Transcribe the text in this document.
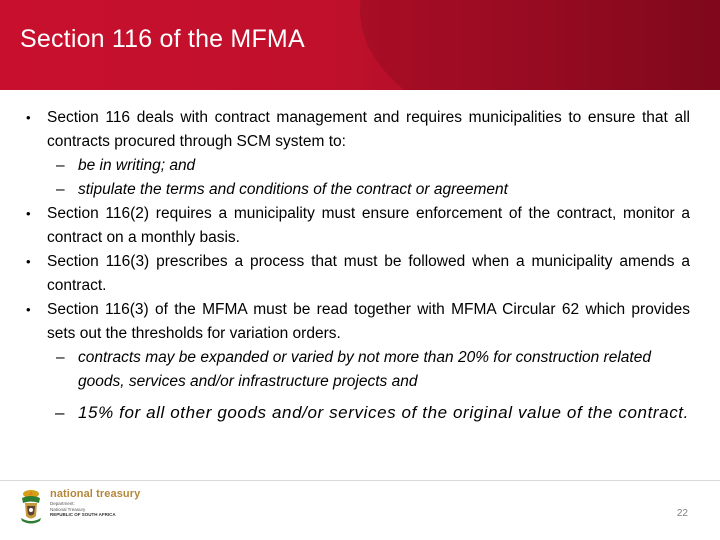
Section 116 of the MFMA
• Section 116 deals with contract management and requires municipalities to ensure that all contracts procured through SCM system to:
– be in writing; and
– stipulate the terms and conditions of the contract or agreement
• Section 116(2) requires a municipality must ensure enforcement of the contract, monitor a contract on a monthly basis.
• Section 116(3) prescribes a process that must be followed when a municipality amends a contract.
• Section 116(3) of the MFMA must be read together with MFMA Circular 62 which provides sets out the thresholds for variation orders.
– contracts may be expanded or varied by not more than 20% for construction related goods, services and/or infrastructure projects and
– 15% for all other goods and/or services of the original value of the contract.
national treasury
Department:
National Treasury
REPUBLIC OF SOUTH AFRICA	22
